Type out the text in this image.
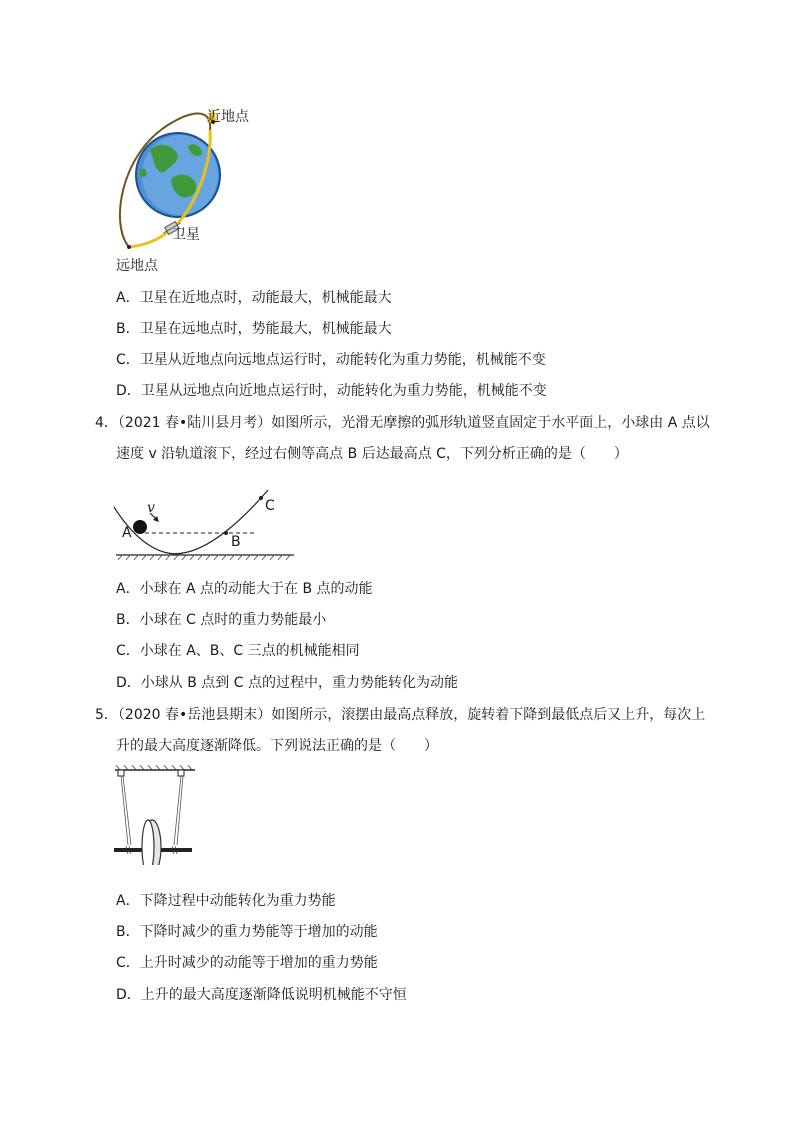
近地点
卫星
远地点
A．卫星在近地点时，动能最大，机械能最大
B．卫星在远地点时，势能最大，机械能最大
C．卫星从近地点向远地点运行时，动能转化为重力势能，机械能不变
D．卫星从远地点向近地点运行时，动能转化为重力势能，机械能不变
4．（2021 春•陆川县月考）如图所示，光滑无摩擦的弧形轨道竖直固定于水平面上，小球由 A 点以
速度 v 沿轨道滚下，经过右侧等高点 B 后达最高点 C，下列分析正确的是（　　）
v
A
B
C
A．小球在 A 点的动能大于在 B 点的动能
B．小球在 C 点时的重力势能最小
C．小球在 A、B、C 三点的机械能相同
D．小球从 B 点到 C 点的过程中，重力势能转化为动能
5．（2020 春•岳池县期末）如图所示，滚摆由最高点释放，旋转着下降到最低点后又上升，每次上
升的最大高度逐渐降低。下列说法正确的是（　　）
A．下降过程中动能转化为重力势能
B．下降时减少的重力势能等于增加的动能
C．上升时减少的动能等于增加的重力势能
D．上升的最大高度逐渐降低说明机械能不守恒
